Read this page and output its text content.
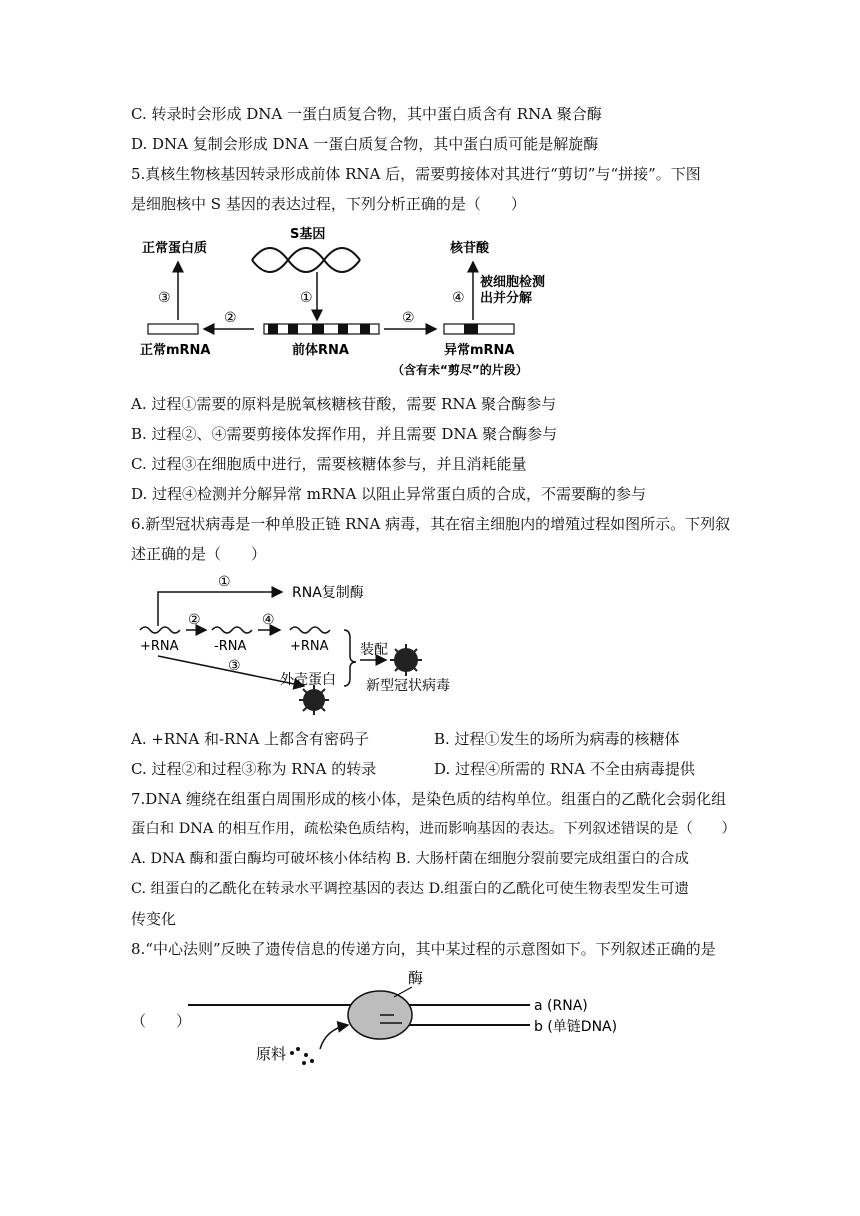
C. 转录时会形成 DNA 一蛋白质复合物，其中蛋白质含有 RNA 聚合酶
D. DNA 复制会形成 DNA 一蛋白质复合物，其中蛋白质可能是解旋酶
5.真核生物核基因转录形成前体 RNA 后，需要剪接体对其进行“剪切”与“拼接”。下图
是细胞核中 S 基因的表达过程，下列分析正确的是（　　）
S基因
①
前体RNA
正常mRNA
②
③
正常蛋白质
②
异常mRNA
（含有未“剪尽”的片段）
④
核苷酸
被细胞检测
出并分解
A. 过程①需要的原料是脱氧核糖核苷酸，需要 RNA 聚合酶参与
B. 过程②、④需要剪接体发挥作用，并且需要 DNA 聚合酶参与
C. 过程③在细胞质中进行，需要核糖体参与，并且消耗能量
D. 过程④检测并分解异常 mRNA 以阻止异常蛋白质的合成，不需要酶的参与
6.新型冠状病毒是一种单股正链 RNA 病毒，其在宿主细胞内的增殖过程如图所示。下列叙
述正确的是（　　）
①
RNA复制酶
+RNA
②
-RNA
④
+RNA
③
外壳蛋白
装配
新型冠状病毒
A. +RNA 和-RNA 上都含有密码子	B. 过程①发生的场所为病毒的核糖体
C. 过程②和过程③称为 RNA 的转录	D. 过程④所需的 RNA 不全由病毒提供
7.DNA 缠绕在组蛋白周围形成的核小体，是染色质的结构单位。组蛋白的乙酰化会弱化组
蛋白和 DNA 的相互作用，疏松染色质结构，进而影响基因的表达。下列叙述错误的是（　　）
A. DNA 酶和蛋白酶均可破坏核小体结构 B. 大肠杆菌在细胞分裂前要完成组蛋白的合成
C. 组蛋白的乙酰化在转录水平调控基因的表达 D.组蛋白的乙酰化可使生物表型发生可遗
传变化
8.“中心法则”反映了遗传信息的传递方向，其中某过程的示意图如下。下列叙述正确的是
（　　）
酶
a (RNA)
b (单链DNA)
原料
